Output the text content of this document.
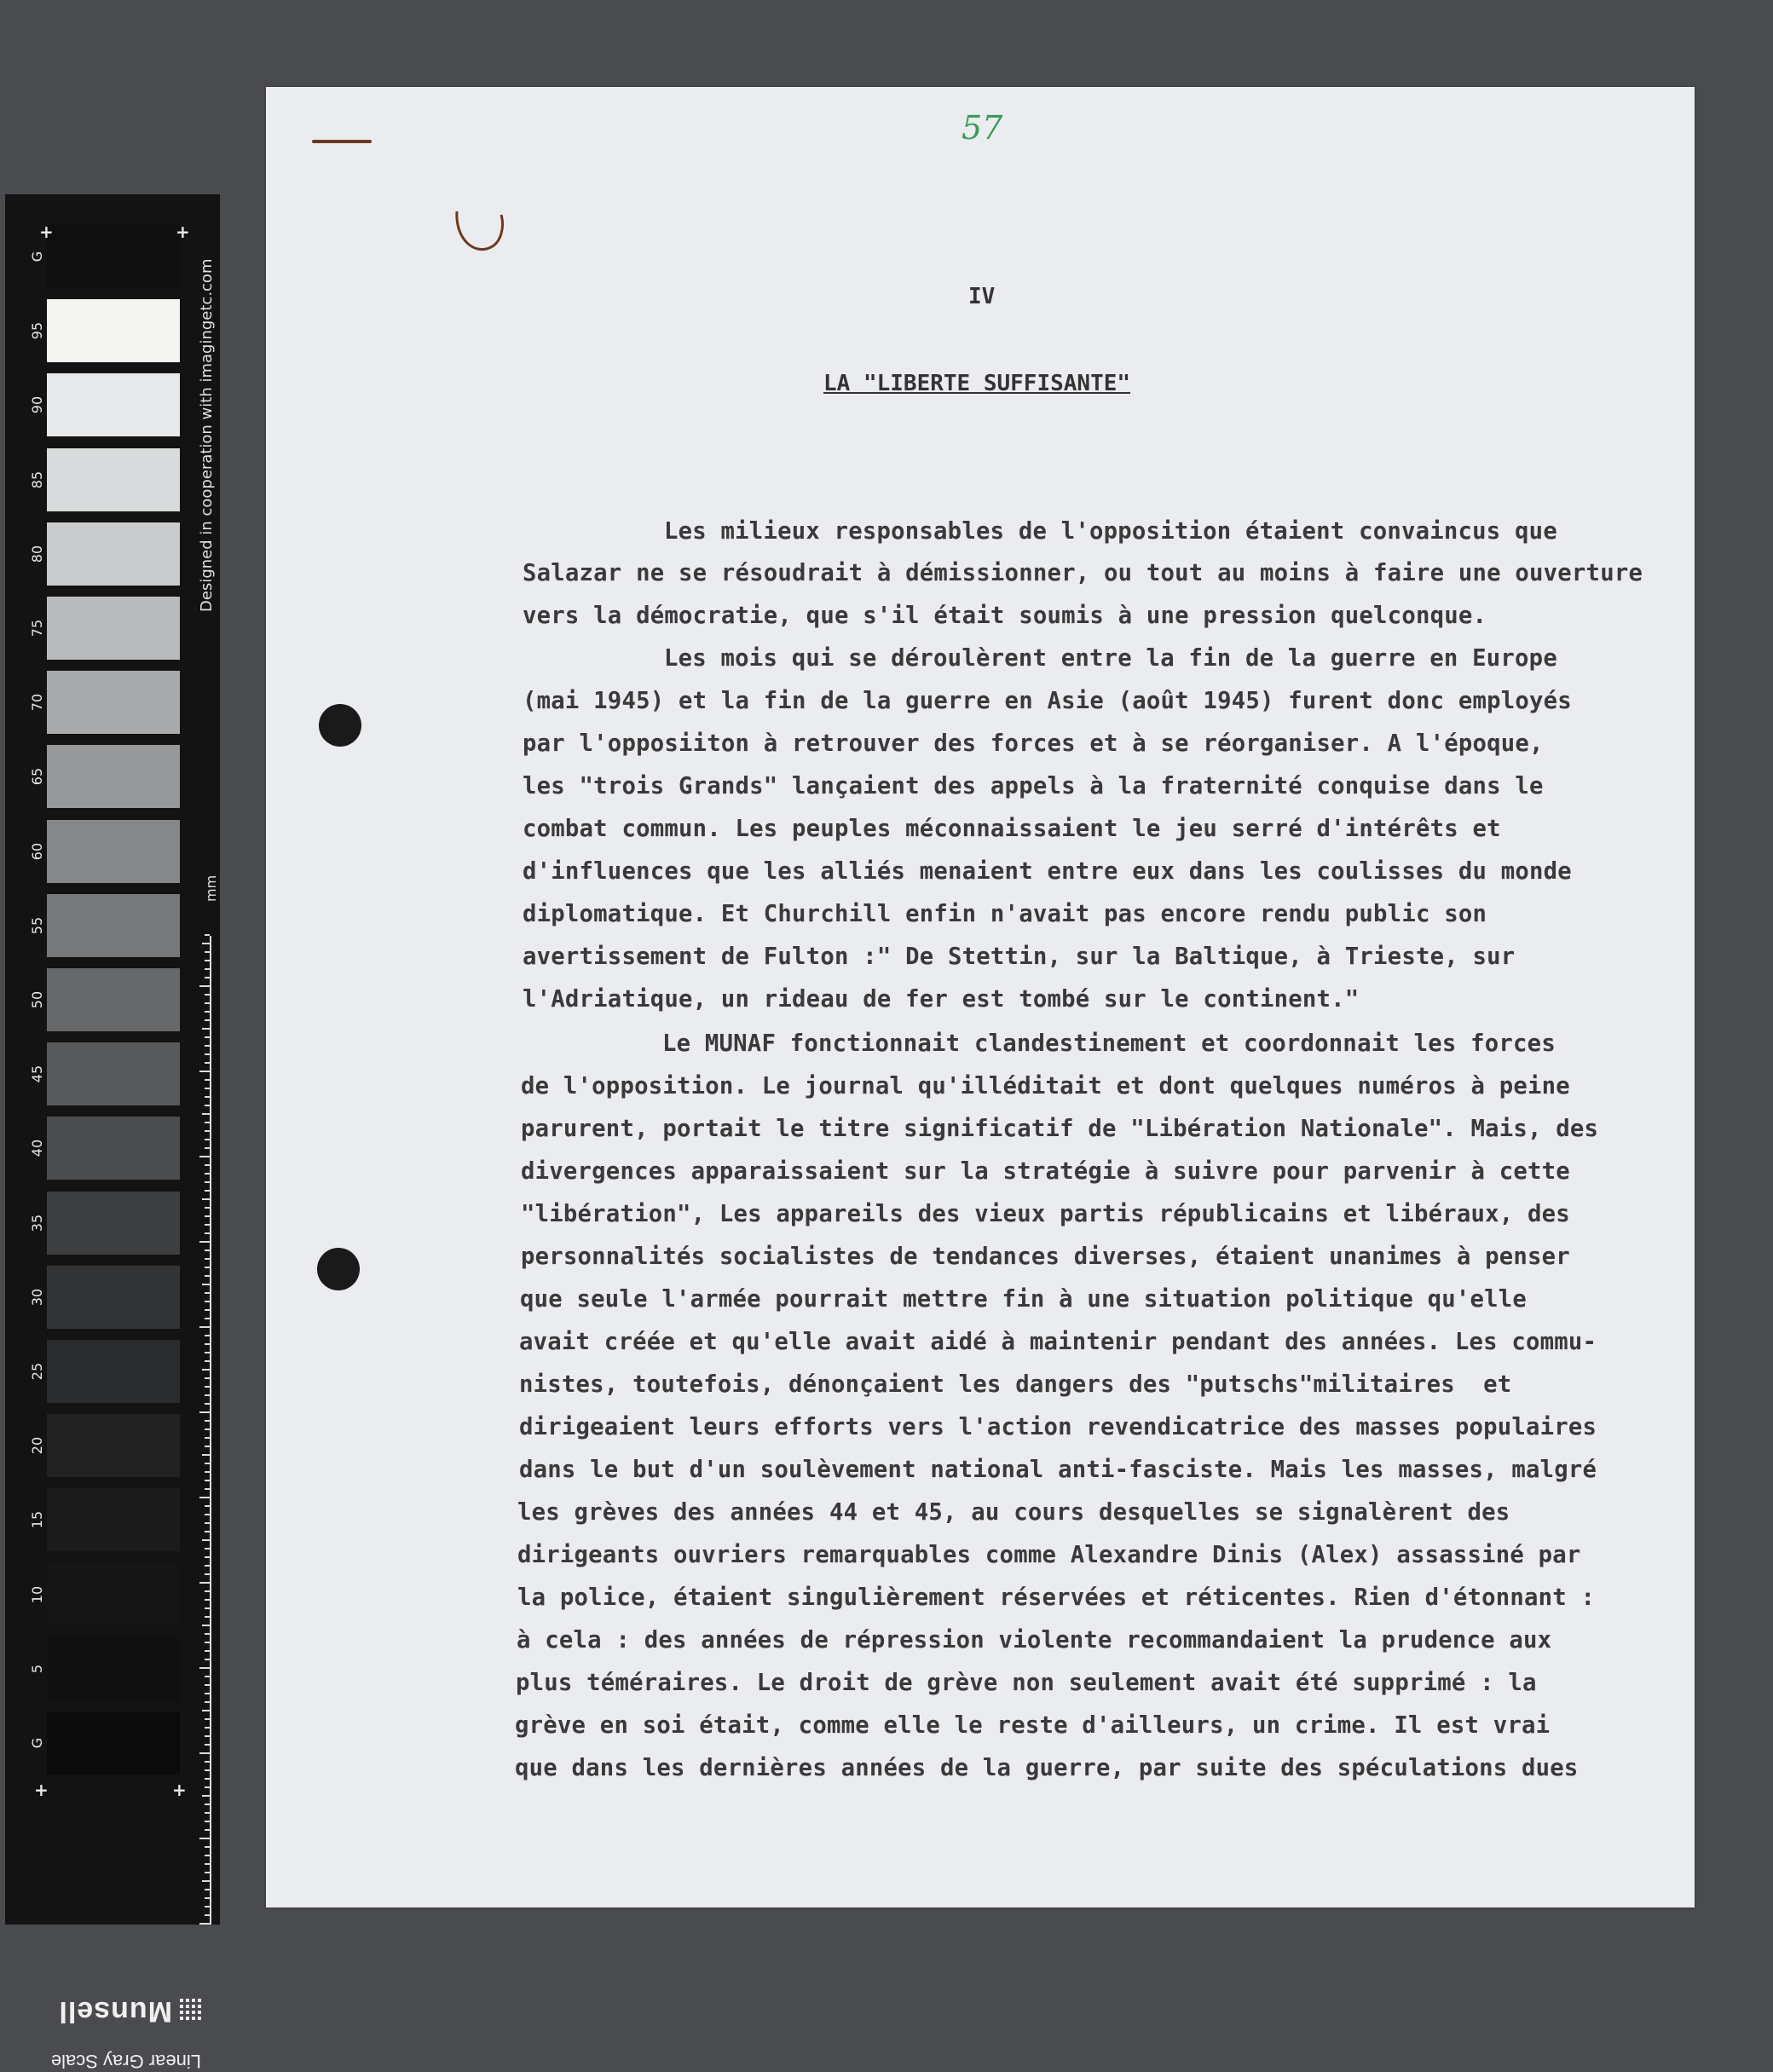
Designed in cooperation with imagingetc.com
mm
Linear Gray Scale
Munsell
G
95
90
85
80
75
70
65
60
55
50
45
40
35
30
25
20
15
10
5
G
+	+
+	+
57
IV
LA "LIBERTE SUFFISANTE"
Les milieux responsables de l'opposition étaient convaincus que
Salazar ne se résoudrait à démissionner, ou tout au moins à faire une ouverture
vers la démocratie, que s'il était soumis à une pression quelconque.
Les mois qui se déroulèrent entre la fin de la guerre en Europe
(mai 1945) et la fin de la guerre en Asie (août 1945) furent donc employés
par l'opposiiton à retrouver des forces et à se réorganiser. A l'époque,
les "trois Grands" lançaient des appels à la fraternité conquise dans le
combat commun. Les peuples méconnaissaient le jeu serré d'intérêts et
d'influences que les alliés menaient entre eux dans les coulisses du monde
diplomatique. Et Churchill enfin n'avait pas encore rendu public son
avertissement de Fulton :" De Stettin, sur la Baltique, à Trieste, sur
l'Adriatique, un rideau de fer est tombé sur le continent."
Le MUNAF fonctionnait clandestinement et coordonnait les forces
de l'opposition. Le journal qu'illéditait et dont quelques numéros à peine
parurent, portait le titre significatif de "Libération Nationale". Mais, des
divergences apparaissaient sur la stratégie à suivre pour parvenir à cette
"libération", Les appareils des vieux partis républicains et libéraux, des
personnalités socialistes de tendances diverses, étaient unanimes à penser
que seule l'armée pourrait mettre fin à une situation politique qu'elle
avait créée et qu'elle avait aidé à maintenir pendant des années. Les commu-
nistes, toutefois, dénonçaient les dangers des "putschs"militaires  et
dirigeaient leurs efforts vers l'action revendicatrice des masses populaires
dans le but d'un soulèvement national anti-fasciste. Mais les masses, malgré
les grèves des années 44 et 45, au cours desquelles se signalèrent des
dirigeants ouvriers remarquables comme Alexandre Dinis (Alex) assassiné par
la police, étaient singulièrement réservées et réticentes. Rien d'étonnant :
à cela : des années de répression violente recommandaient la prudence aux
plus téméraires. Le droit de grève non seulement avait été supprimé : la
grève en soi était, comme elle le reste d'ailleurs, un crime. Il est vrai
que dans les dernières années de la guerre, par suite des spéculations dues
